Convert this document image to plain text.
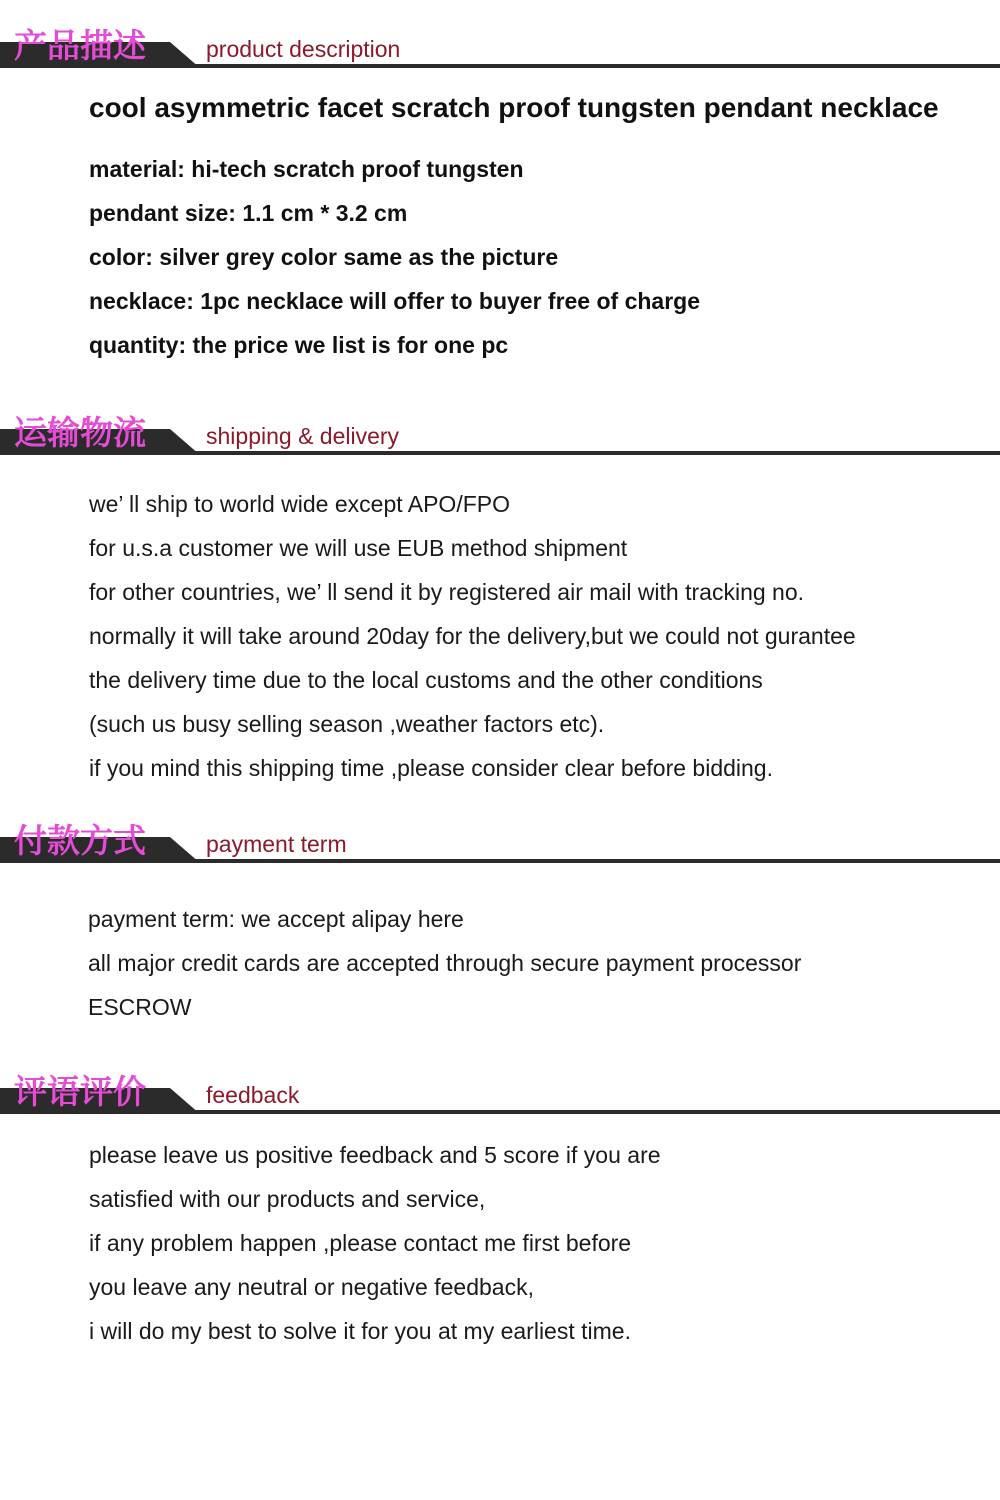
产品描述	product description
cool asymmetric facet scratch proof tungsten pendant necklace
material: hi-tech scratch proof tungsten
pendant size: 1.1 cm * 3.2 cm
color: silver grey color same as the picture
necklace: 1pc necklace will offer to buyer free of charge
quantity: the price we list is for one pc
运输物流	shipping & delivery
we’ ll ship to world wide except APO/FPO
for u.s.a customer we will use EUB method shipment
for other countries, we’ ll send it by registered air mail with tracking no.
normally it will take around 20day for the delivery,but we could not gurantee
the delivery time due to the local customs and the other conditions
(such us busy selling season ,weather factors etc).
if you mind this shipping time ,please consider clear before bidding.
付款方式	payment term
payment term: we accept alipay here
all major credit cards are accepted through secure payment processor
ESCROW
评语评价	feedback
please leave us positive feedback and 5 score if you are
satisfied with our products and service,
if any problem happen ,please contact me first before
you leave any neutral or negative feedback,
i will do my best to solve it for you at my earliest time.
